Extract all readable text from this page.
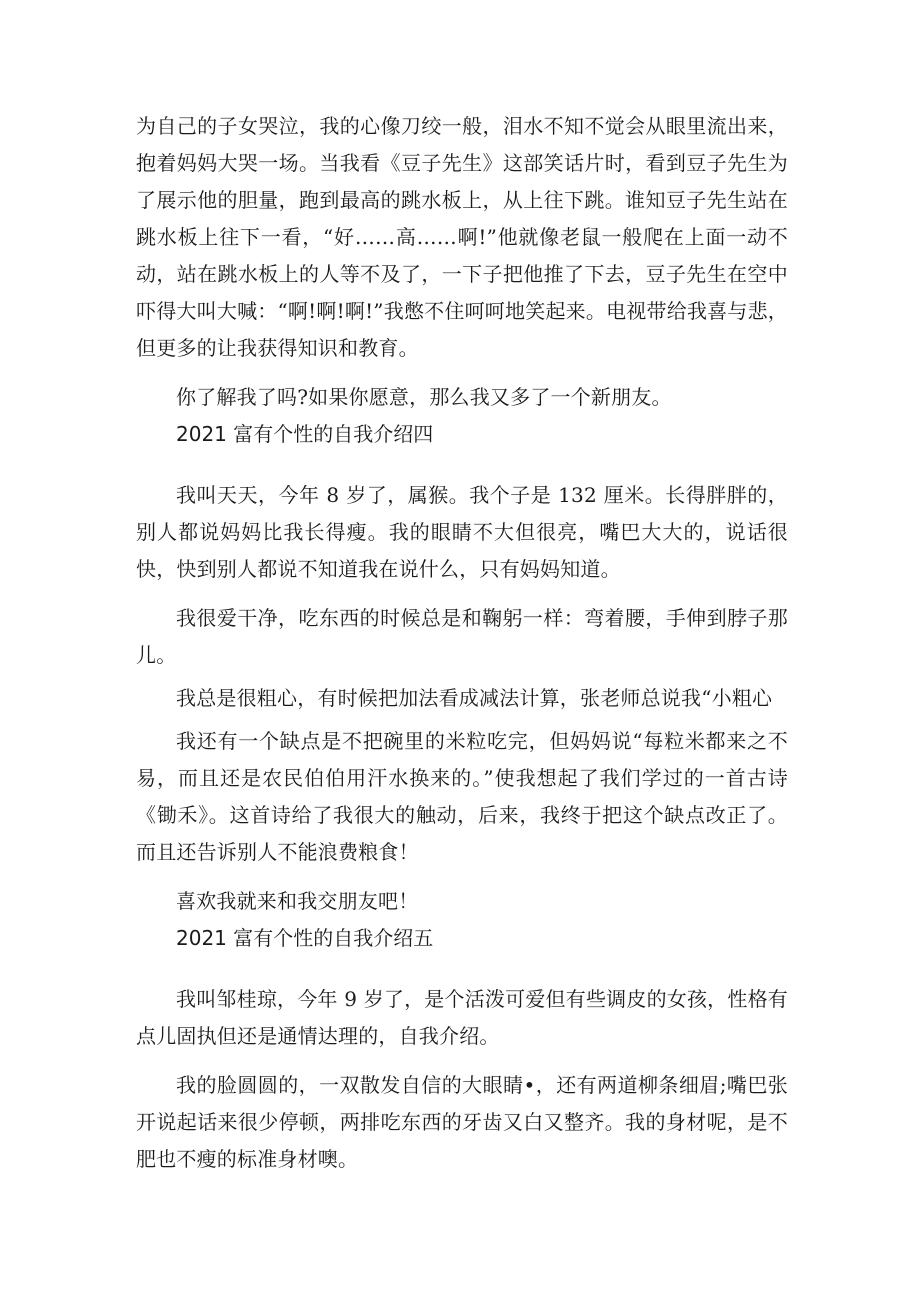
为自己的子女哭泣，我的心像刀绞一般，泪水不知不觉会从眼里流出来，抱着妈妈大哭一场。当我看《豆子先生》这部笑话片时，看到豆子先生为了展示他的胆量，跑到最高的跳水板上，从上往下跳。谁知豆子先生站在跳水板上往下一看，“好……高……啊!”他就像老鼠一般爬在上面一动不动，站在跳水板上的人等不及了，一下子把他推了下去，豆子先生在空中吓得大叫大喊：“啊!啊!啊!”我憋不住呵呵地笑起来。电视带给我喜与悲，但更多的让我获得知识和教育。

你了解我了吗?如果你愿意，那么我又多了一个新朋友。

2021 富有个性的自我介绍四

我叫天天，今年 8 岁了，属猴。我个子是 132 厘米。长得胖胖的，别人都说妈妈比我长得瘦。我的眼睛不大但很亮，嘴巴大大的，说话很快，快到别人都说不知道我在说什么，只有妈妈知道。

我很爱干净，吃东西的时候总是和鞠躬一样：弯着腰，手伸到脖子那儿。

我总是很粗心，有时候把加法看成减法计算，张老师总说我“小粗心

我还有一个缺点是不把碗里的米粒吃完，但妈妈说“每粒米都来之不易，而且还是农民伯伯用汗水换来的。”使我想起了我们学过的一首古诗《锄禾》。这首诗给了我很大的触动，后来，我终于把这个缺点改正了。而且还告诉别人不能浪费粮食！

喜欢我就来和我交朋友吧！

2021 富有个性的自我介绍五

我叫邹桂琼，今年 9 岁了，是个活泼可爱但有些调皮的女孩，性格有点儿固执但还是通情达理的，自我介绍。

我的脸圆圆的，一双散发自信的大眼睛•，还有两道柳条细眉;嘴巴张开说起话来很少停顿，两排吃东西的牙齿又白又整齐。我的身材呢，是不肥也不瘦的标准身材噢。
